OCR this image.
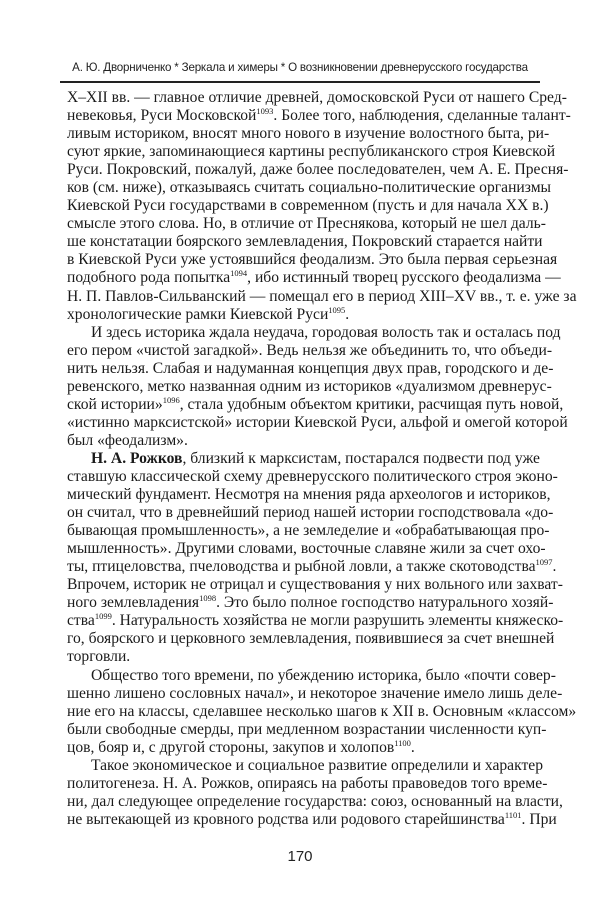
А. Ю. Дворниченко * Зеркала и химеры * О возникновении древнерусского государства
X–XII вв. — главное отличие древней, домосковской Руси от нашего Сред-
невековья, Руси Московской$^{1093}$. Более того, наблюдения, сделанные талант-
ливым историком, вносят много нового в изучение волостного быта, ри-
суют яркие, запоминающиеся картины республиканского строя Киевской
Руси. Покровский, пожалуй, даже более последователен, чем А. Е. Пресня-
ков (см. ниже), отказываясь считать социально-политические организмы
Киевской Руси государствами в современном (пусть и для начала XX в.)
смысле этого слова. Но, в отличие от Преснякова, который не шел даль-
ше констатации боярского землевладения, Покровский старается найти
в Киевской Руси уже устоявшийся феодализм. Это была первая серьезная
подобного рода попытка$^{1094}$, ибо истинный творец русского феодализма —
Н. П. Павлов-Сильванский — помещал его в период XIII–XV вв., т. е. уже за
хронологические рамки Киевской Руси$^{1095}$.
И здесь историка ждала неудача, городовая волость так и осталась под
его пером «чистой загадкой». Ведь нельзя же объединить то, что объеди-
нить нельзя. Слабая и надуманная концепция двух прав, городского и де-
ревенского, метко названная одним из историков «дуализмом древнерус-
ской истории»$^{1096}$, стала удобным объектом критики, расчищая путь новой,
«истинно марксистской» истории Киевской Руси, альфой и омегой которой
был «феодализм».
Н. А. Рожков, близкий к марксистам, постарался подвести под уже
ставшую классической схему древнерусского политического строя эконо-
мический фундамент. Несмотря на мнения ряда археологов и историков,
он считал, что в древнейший период нашей истории господствовала «до-
бывающая промышленность», а не земледелие и «обрабатывающая про-
мышленность». Другими словами, восточные славяне жили за счет охо-
ты, птицеловства, пчеловодства и рыбной ловли, а также скотоводства$^{1097}$.
Впрочем, историк не отрицал и существования у них вольного или захват-
ного землевладения$^{1098}$. Это было полное господство натурального хозяй-
ства$^{1099}$. Натуральность хозяйства не могли разрушить элементы княжеско-
го, боярского и церковного землевладения, появившиеся за счет внешней
торговли.
Общество того времени, по убеждению историка, было «почти совер-
шенно лишено сословных начал», и некоторое значение имело лишь деле-
ние его на классы, сделавшее несколько шагов к XII в. Основным «классом»
были свободные смерды, при медленном возрастании численности куп-
цов, бояр и, с другой стороны, закупов и холопов$^{1100}$.
Такое экономическое и социальное развитие определили и характер
политогенеза. Н. А. Рожков, опираясь на работы правоведов того време-
ни, дал следующее определение государства: союз, основанный на власти,
не вытекающей из кровного родства или родового старейшинства$^{1101}$. При
170
